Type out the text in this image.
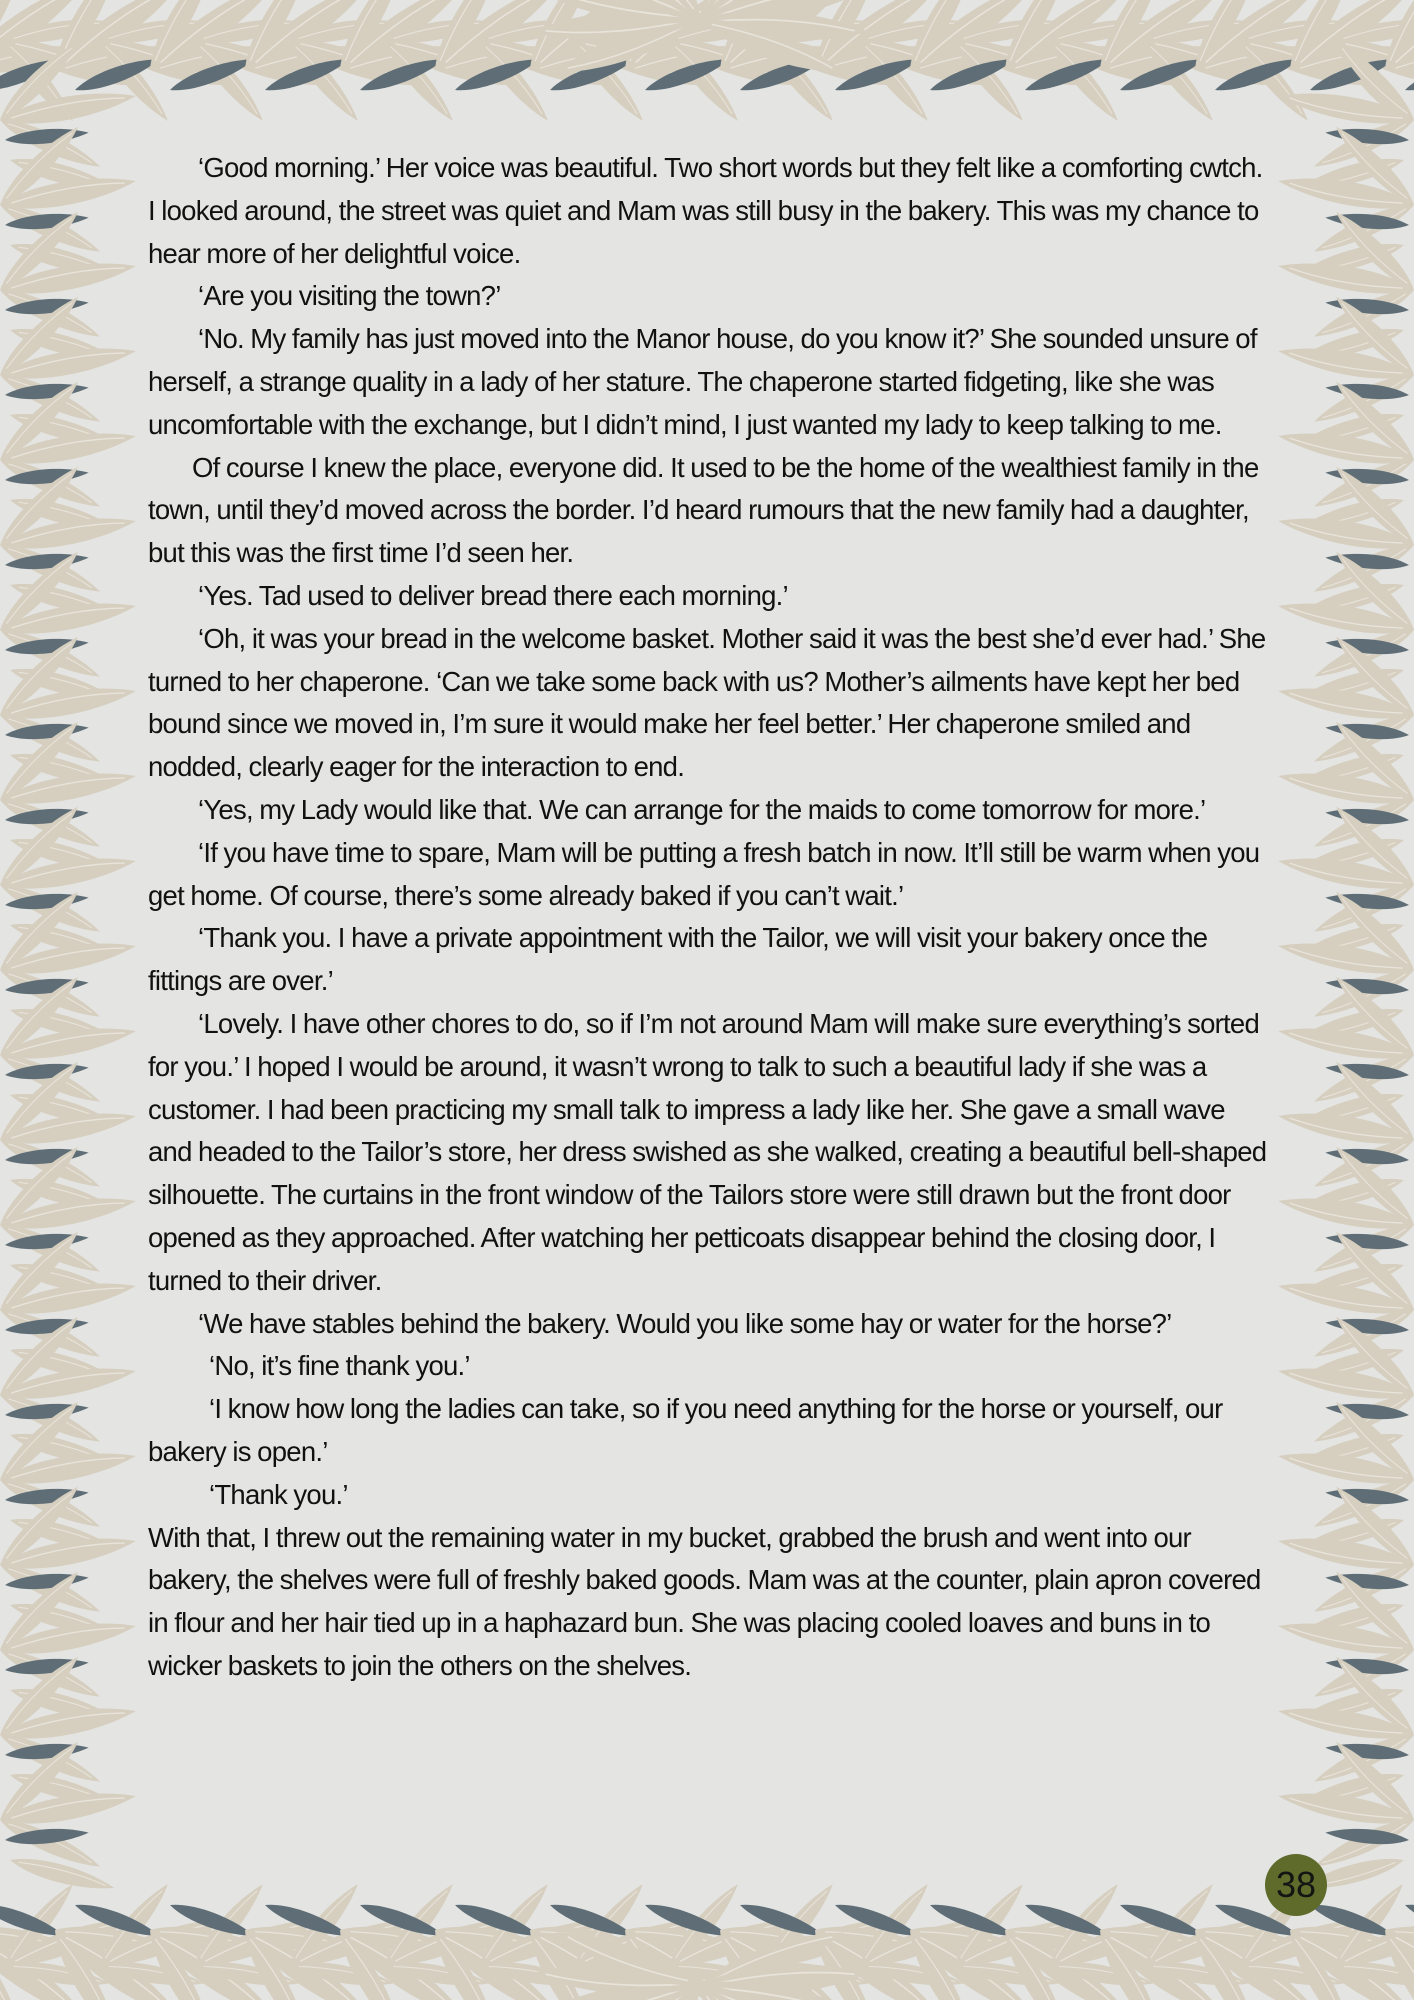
‘Good morning.’ Her voice was beautiful. Two short words but they felt like a comforting cwtch. I looked around, the street was quiet and Mam was still busy in the bakery. This was my chance to hear more of her delightful voice.

‘Are you visiting the town?’

‘No. My family has just moved into the Manor house, do you know it?’ She sounded unsure of herself, a strange quality in a lady of her stature. The chaperone started fidgeting, like she was uncomfortable with the exchange, but I didn’t mind, I just wanted my lady to keep talking to me.

Of course I knew the place, everyone did. It used to be the home of the wealthiest family in the town, until they’d moved across the border. I’d heard rumours that the new family had a daughter, but this was the first time I’d seen her.

‘Yes. Tad used to deliver bread there each morning.’

‘Oh, it was your bread in the welcome basket. Mother said it was the best she’d ever had.’ She turned to her chaperone. ‘Can we take some back with us? Mother’s ailments have kept her bed bound since we moved in, I’m sure it would make her feel better.’ Her chaperone smiled and nodded, clearly eager for the interaction to end.

‘Yes, my Lady would like that. We can arrange for the maids to come tomorrow for more.’

‘If you have time to spare, Mam will be putting a fresh batch in now. It’ll still be warm when you get home. Of course, there’s some already baked if you can’t wait.’

‘Thank you. I have a private appointment with the Tailor, we will visit your bakery once the fittings are over.’

‘Lovely. I have other chores to do, so if I’m not around Mam will make sure everything’s sorted for you.’ I hoped I would be around, it wasn’t wrong to talk to such a beautiful lady if she was a customer. I had been practicing my small talk to impress a lady like her. She gave a small wave and headed to the Tailor’s store, her dress swished as she walked, creating a beautiful bell-shaped silhouette. The curtains in the front window of the Tailors store were still drawn but the front door opened as they approached. After watching her petticoats disappear behind the closing door, I turned to their driver.

‘We have stables behind the bakery. Would you like some hay or water for the horse?’

‘No, it’s fine thank you.’

‘I know how long the ladies can take, so if you need anything for the horse or yourself, our bakery is open.’

‘Thank you.’

With that, I threw out the remaining water in my bucket, grabbed the brush and went into our bakery, the shelves were full of freshly baked goods. Mam was at the counter, plain apron covered in flour and her hair tied up in a haphazard bun. She was placing cooled loaves and buns in to wicker baskets to join the others on the shelves.

38
